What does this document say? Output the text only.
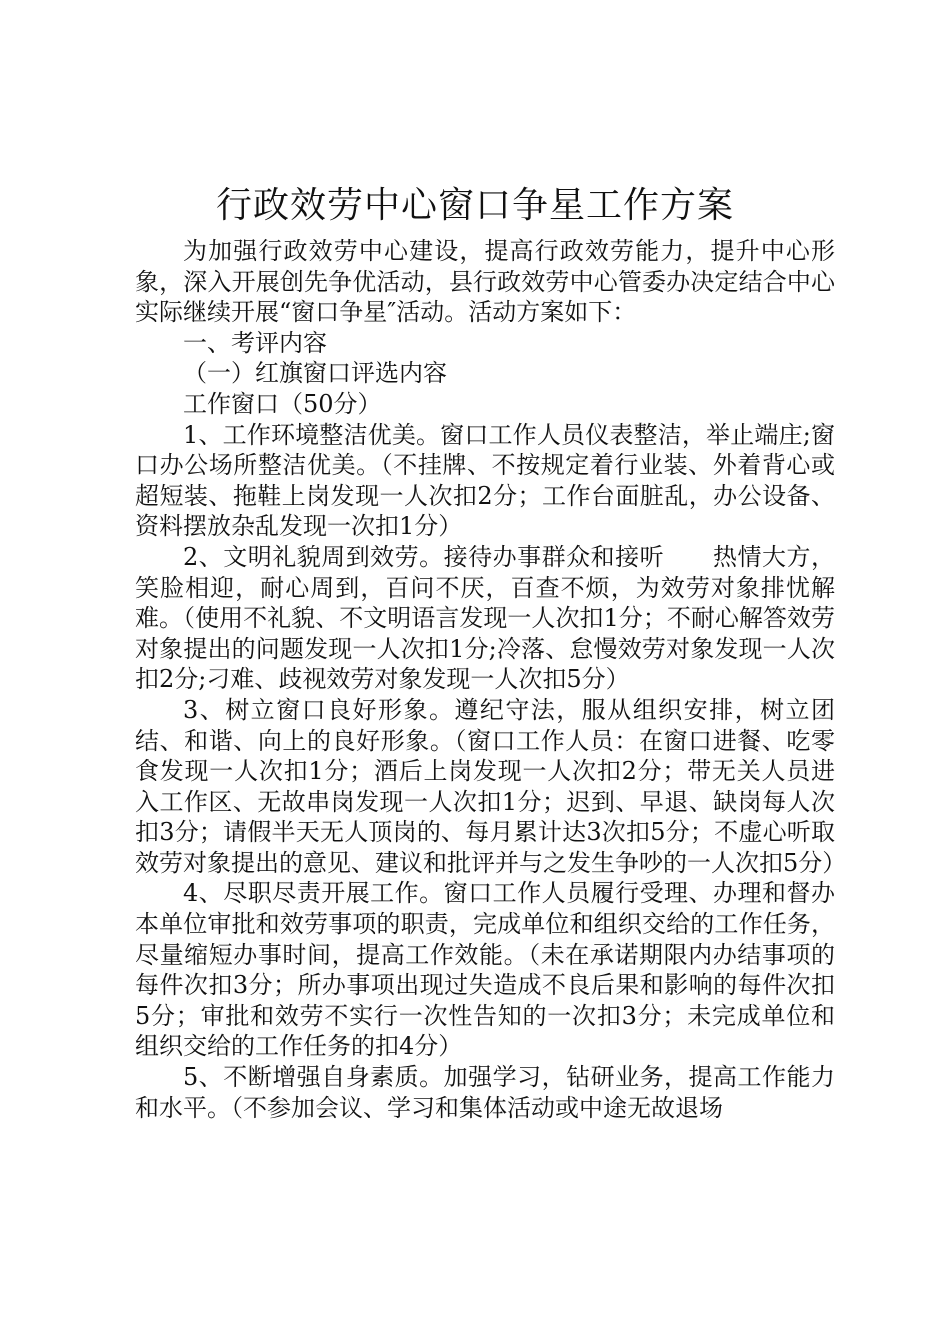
行政效劳中心窗口争星工作方案

为加强行政效劳中心建设，提高行政效劳能力，提升中心形象，深入开展创先争优活动，县行政效劳中心管委办决定结合中心实际继续开展“窗口争星″活动。活动方案如下：

一、考评内容

（一）红旗窗口评选内容

工作窗口（50分）

1、工作环境整洁优美。窗口工作人员仪表整洁，举止端庄;窗口办公场所整洁优美。（不挂牌、不按规定着行业装、外着背心或超短装、拖鞋上岗发现一人次扣2分；工作台面脏乱，办公设备、资料摆放杂乱发现一次扣1分）

2、文明礼貌周到效劳。接待办事群众和接听　　热情大方，笑脸相迎，耐心周到，百问不厌，百查不烦，为效劳对象排忧解难。（使用不礼貌、不文明语言发现一人次扣1分；不耐心解答效劳对象提出的问题发现一人次扣1分;冷落、怠慢效劳对象发现一人次扣2分;刁难、歧视效劳对象发现一人次扣5分）

3、树立窗口良好形象。遵纪守法，服从组织安排，树立团结、和谐、向上的良好形象。（窗口工作人员：在窗口进餐、吃零食发现一人次扣1分；酒后上岗发现一人次扣2分；带无关人员进入工作区、无故串岗发现一人次扣1分；迟到、早退、缺岗每人次扣3分；请假半天无人顶岗的、每月累计达3次扣5分；不虚心听取效劳对象提出的意见、建议和批评并与之发生争吵的一人次扣5分）

4、尽职尽责开展工作。窗口工作人员履行受理、办理和督办本单位审批和效劳事项的职责，完成单位和组织交给的工作任务，尽量缩短办事时间，提高工作效能。（未在承诺期限内办结事项的每件次扣3分；所办事项出现过失造成不良后果和影响的每件次扣5分；审批和效劳不实行一次性告知的一次扣3分；未完成单位和组织交给的工作任务的扣4分）

5、不断增强自身素质。加强学习，钻研业务，提高工作能力和水平。（不参加会议、学习和集体活动或中途无故退场
